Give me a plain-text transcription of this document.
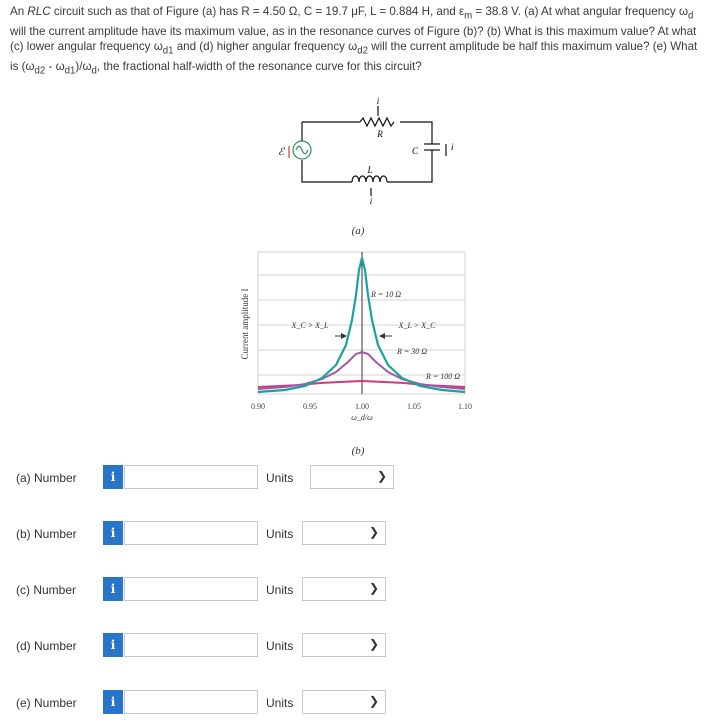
An RLC circuit such as that of Figure (a) has R = 4.50 Ω, C = 19.7 μF, L = 0.884 H, and $\varepsilon_m = 38.8$ V. (a) At what angular frequency $\omega_d$ will the current amplitude have its maximum value, as in the resonance curves of Figure (b)? (b) What is this maximum value? At what (c) lower angular frequency $\omega_{d1}$ and (d) higher angular frequency $\omega_{d2}$ will the current amplitude be half this maximum value? (e) What is $(\omega_{d2} - \omega_{d1})/\omega_d$, the fractional half-width of the resonance curve for this circuit?
R
i
L
i
C	i
ℰ
(a)
Current amplitude I
0.90	0.95	1.00	1.05	1.10
ω_d/ω
X_C > X_L	X_L > X_C
R = 10 Ω
R = 30 Ω
R = 100 Ω
(b)
(a) Number	i	Units	❯
(b) Number	i	Units	❯
(c) Number	i	Units	❯
(d) Number	i	Units	❯
(e) Number	i	Units	❯
